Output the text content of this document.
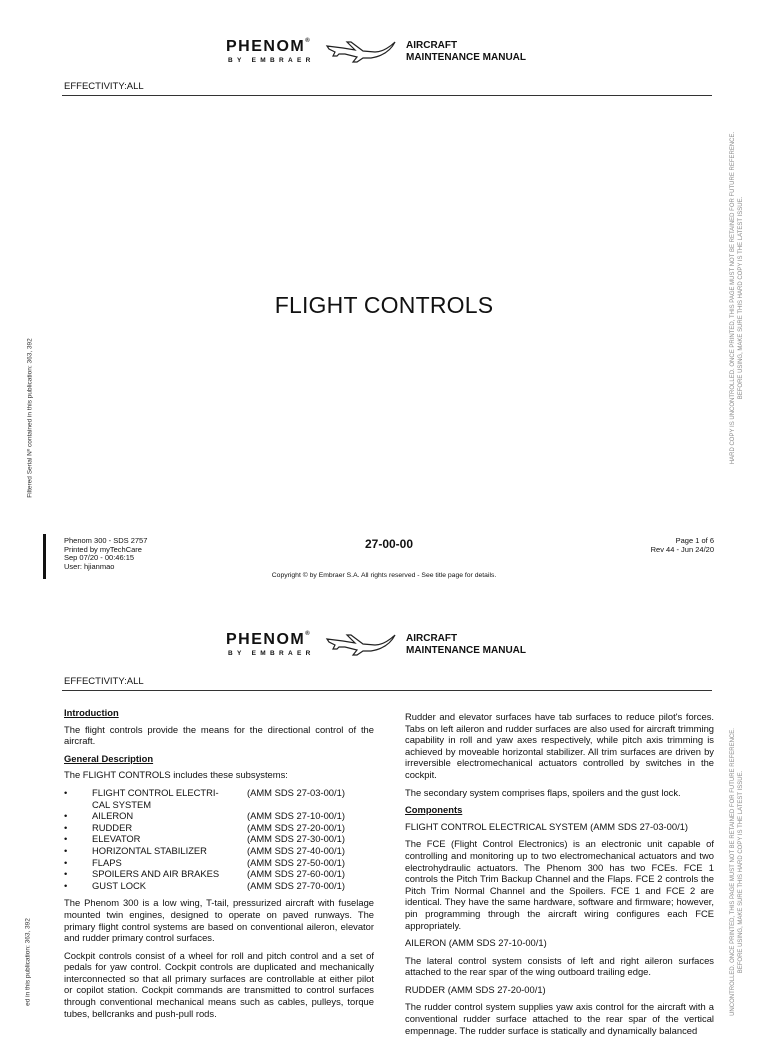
PHENOM®
BY EMBRAER
AIRCRAFT
MAINTENANCE MANUAL
EFFECTIVITY:ALL
FLIGHT CONTROLS
Filtered Serial Nº contained in this publication: 363, 392	HARD COPY IS UNCONTROLLED. ONCE PRINTED, THIS PAGE MUST NOT BE RETAINED FOR FUTURE REFERENCE. BEFORE USING, MAKE SURE THIS HARD COPY IS THE LATEST ISSUE.
Phenom 300 - SDS 2757
Printed by myTechCare
Sep 07/20 - 00:46:15
User: hjianmao
27-00-00	Page 1 of 6
Rev 44 - Jun 24/20
Copyright © by Embraer S.A. All rights reserved - See title page for details.
PHENOM®
BY EMBRAER
AIRCRAFT
MAINTENANCE MANUAL
EFFECTIVITY:ALL
ed in this publication: 363, 392	UNCONTROLLED. ONCE PRINTED, THIS PAGE MUST NOT BE RETAINED FOR FUTURE REFERENCE. BEFORE USING, MAKE SURE THIS HARD COPY IS THE LATEST ISSUE.
Introduction

The flight controls provide the means for the directional control of the aircraft.

General Description

The FLIGHT CONTROLS includes these subsystems:

•	FLIGHT CONTROL ELECTRI-	(AMM SDS 27-03-00/1)
CAL SYSTEM
•	AILERON	(AMM SDS 27-10-00/1)
•	RUDDER	(AMM SDS 27-20-00/1)
•	ELEVATOR	(AMM SDS 27-30-00/1)
•	HORIZONTAL STABILIZER	(AMM SDS 27-40-00/1)
•	FLAPS	(AMM SDS 27-50-00/1)
•	SPOILERS AND AIR BRAKES	(AMM SDS 27-60-00/1)
•	GUST LOCK	(AMM SDS 27-70-00/1)

The Phenom 300 is a low wing, T-tail, pressurized aircraft with fuselage mounted twin engines, designed to operate on paved runways. The primary flight control systems are based on conventional aileron, elevator and rudder primary control surfaces.

Cockpit controls consist of a wheel for roll and pitch control and a set of pedals for yaw control. Cockpit controls are duplicated and mechanically interconnected so that all primary surfaces are controllable at either pilot or copilot station. Cockpit commands are transmitted to control surfaces through conventional mechanical means such as cables, pulleys, torque tubes, bellcranks and push-pull rods.

Rudder and elevator surfaces have tab surfaces to reduce pilot's forces. Tabs on left aileron and rudder surfaces are also used for aircraft trimming capability in roll and yaw axes respectively, while pitch axis trimming is achieved by moveable horizontal stabilizer. All trim surfaces are driven by irreversible electromechanical actuators controlled by switches in the cockpit.

The secondary system comprises flaps, spoilers and the gust lock.

Components

FLIGHT CONTROL ELECTRICAL SYSTEM (AMM SDS 27-03-00/1)

The FCE (Flight Control Electronics) is an electronic unit capable of controlling and monitoring up to two electromechanical actuators and two electrohydraulic actuators. The Phenom 300 has two FCEs. FCE 1 controls the Pitch Trim Backup Channel and the Flaps. FCE 2 controls the Pitch Trim Normal Channel and the Spoilers. FCE 1 and FCE 2 are identical. They have the same hardware, software and firmware; however, pin programming through the aircraft wiring configures each FCE appropriately.

AILERON (AMM SDS 27-10-00/1)

The lateral control system consists of left and right aileron surfaces attached to the rear spar of the wing outboard trailing edge.

RUDDER (AMM SDS 27-20-00/1)

The rudder control system supplies yaw axis control for the aircraft with a conventional rudder surface attached to the rear spar of the vertical empennage. The rudder surface is statically and dynamically balanced
